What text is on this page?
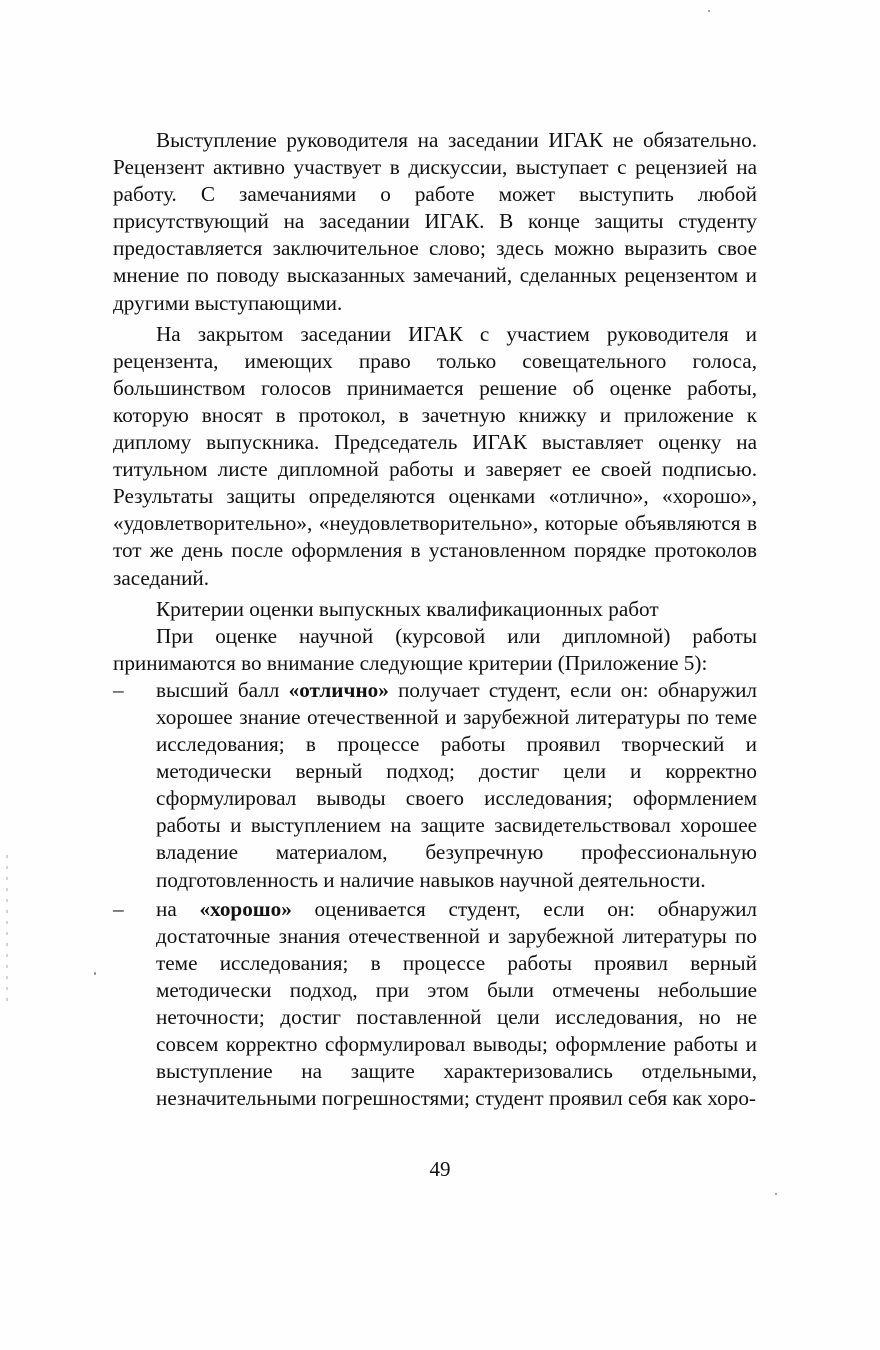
Выступление руководителя на заседании ИГАК не обязательно. Рецензент активно участвует в дискуссии, выступает с рецензией на работу. С замечаниями о работе может выступить любой присутствующий на заседании ИГАК. В конце защиты студенту предоставляется заключительное слово; здесь можно выразить свое мнение по поводу высказанных замечаний, сделанных рецензентом и другими выступающими.

На закрытом заседании ИГАК с участием руководителя и рецензента, имеющих право только совещательного голоса, большинством голосов принимается решение об оценке работы, которую вносят в протокол, в зачетную книжку и приложение к диплому выпускника. Председатель ИГАК выставляет оценку на титульном листе дипломной работы и заверяет ее своей подписью. Результаты защиты определяются оценками «отлично», «хорошо», «удовлетворительно», «неудовлетворительно», которые объявляются в тот же день после оформления в установленном порядке протоколов заседаний.

Критерии оценки выпускных квалификационных работ

При оценке научной (курсовой или дипломной) работы принимаются во внимание следующие критерии (Приложение 5):

–	высший балл «отлично» получает студент, если он: обнаружил хорошее знание отечественной и зарубежной литературы по теме исследования; в процессе работы проявил творческий и методически верный подход; достиг цели и корректно сформулировал выводы своего исследования; оформлением работы и выступлением на защите засвидетельствовал хорошее владение материалом, безупречную профессиональную подготовленность и наличие навыков научной деятельности.
–	на «хорошо» оценивается студент, если он: обнаружил достаточные знания отечественной и зарубежной литературы по теме исследования; в процессе работы проявил верный методически подход, при этом были отмечены небольшие неточности; достиг поставленной цели исследования, но не совсем корректно сформулировал выводы; оформление работы и выступление на защите характеризовались отдельными, незначительными погрешностями; студент проявил себя как хоро-
49
